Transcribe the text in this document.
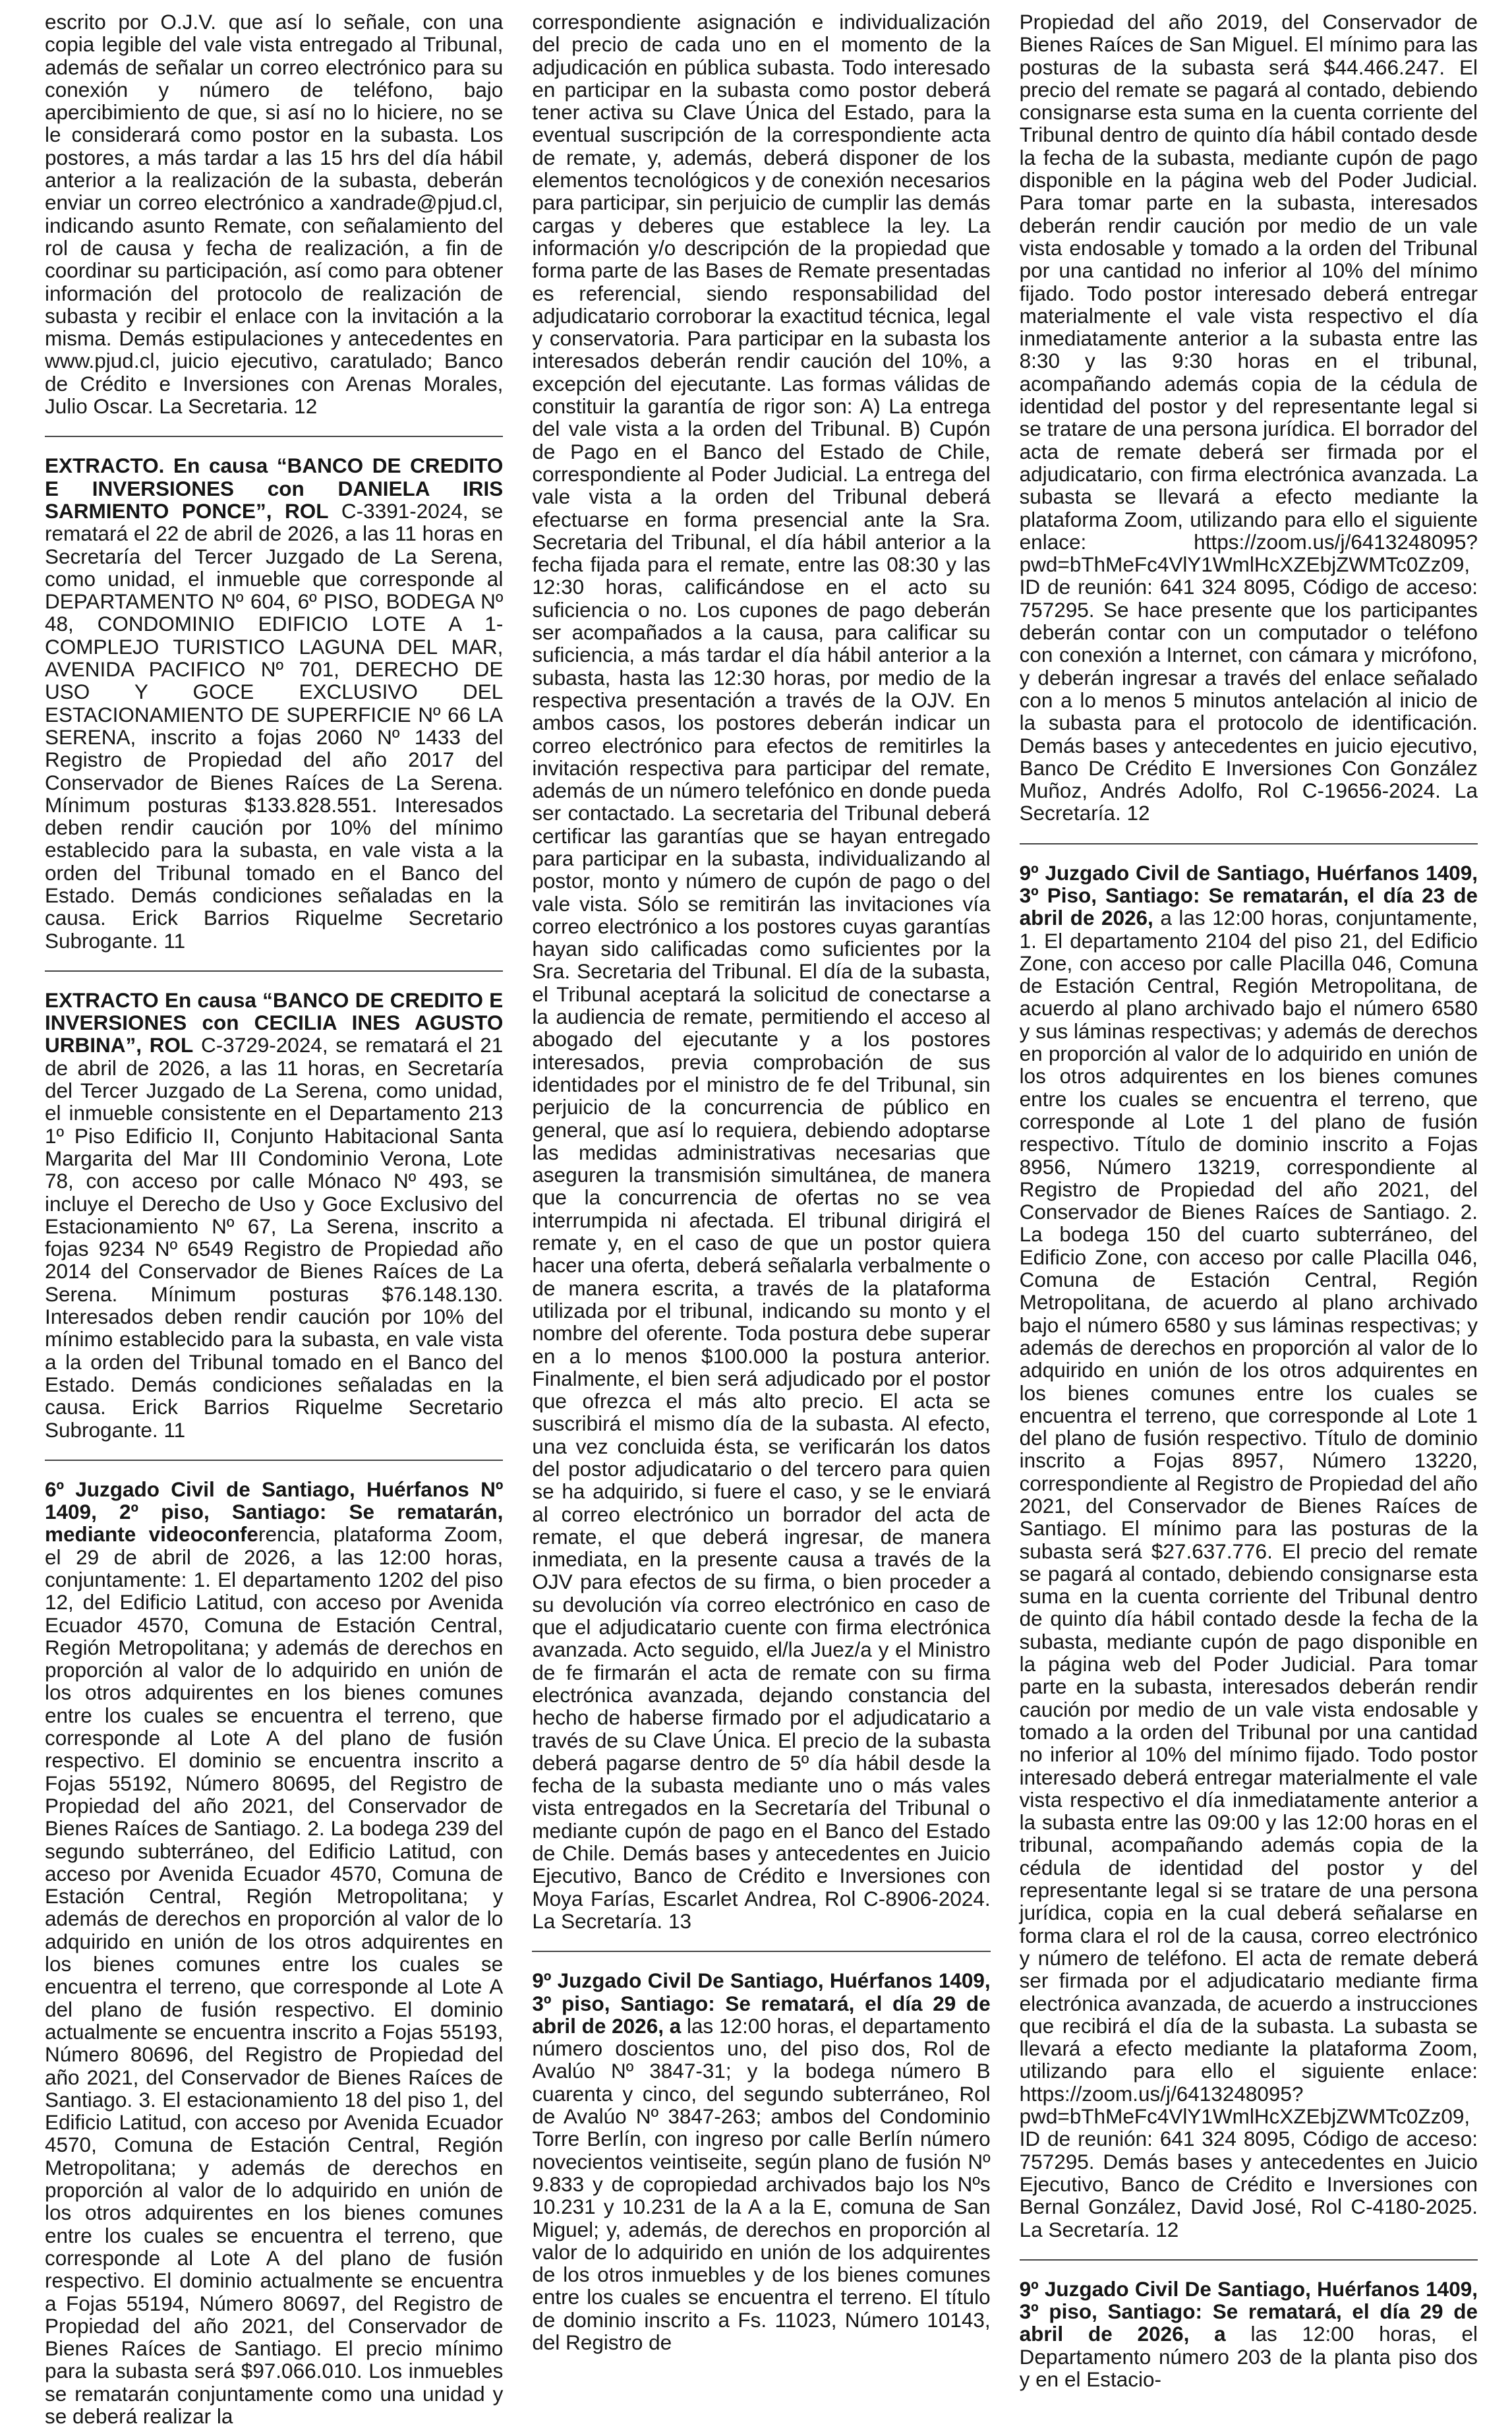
escrito por O.J.V. que así lo señale, con una copia legible del vale vista entregado al Tribunal, además de señalar un correo electrónico para su conexión y número de teléfono, bajo apercibimiento de que, si así no lo hiciere, no se le considerará como postor en la subasta. Los postores, a más tardar a las 15 hrs del día hábil anterior a la realización de la subasta, deberán enviar un correo electrónico a xandrade@pjud.cl, indicando asunto Remate, con señalamiento del rol de causa y fecha de realización, a fin de coordinar su participación, así como para obtener información del protocolo de realización de subasta y recibir el enlace con la invitación a la misma. Demás estipulaciones y antecedentes en www.pjud.cl, juicio ejecutivo, caratulado; Banco de Crédito e Inversiones con Arenas Morales, Julio Oscar. La Secretaria. 12

EXTRACTO. En causa “BANCO DE CREDITO E INVERSIONES con DANIELA IRIS SARMIENTO PONCE”, ROL C-3391-2024, se rematará el 22 de abril de 2026, a las 11 horas en Secretaría del Tercer Juzgado de La Serena, como unidad, el inmueble que corresponde al DEPARTAMENTO Nº 604, 6º PISO, BODEGA Nº 48, CONDOMINIO EDIFICIO LOTE A 1-COMPLEJO TURISTICO LAGUNA DEL MAR, AVENIDA PACIFICO Nº 701, DERECHO DE USO Y GOCE EXCLUSIVO DEL ESTACIONAMIENTO DE SUPERFICIE Nº 66 LA SERENA, inscrito a fojas 2060 Nº 1433 del Registro de Propiedad del año 2017 del Conservador de Bienes Raíces de La Serena. Mínimum posturas $133.828.551. Interesados deben rendir caución por 10% del mínimo establecido para la subasta, en vale vista a la orden del Tribunal tomado en el Banco del Estado. Demás condiciones señaladas en la causa. Erick Barrios Riquelme Secretario Subrogante. 11

EXTRACTO En causa “BANCO DE CREDITO E INVERSIONES con CECILIA INES AGUSTO URBINA”, ROL C-3729-2024, se rematará el 21 de abril de 2026, a las 11 horas, en Secretaría del Tercer Juzgado de La Serena, como unidad, el inmueble consistente en el Departamento 213 1º Piso Edificio II, Conjunto Habitacional Santa Margarita del Mar III Condominio Verona, Lote 78, con acceso por calle Mónaco Nº 493, se incluye el Derecho de Uso y Goce Exclusivo del Estacionamiento Nº 67, La Serena, inscrito a fojas 9234 Nº 6549 Registro de Propiedad año 2014 del Conservador de Bienes Raíces de La Serena. Mínimum posturas $76.148.130. Interesados deben rendir caución por 10% del mínimo establecido para la subasta, en vale vista a la orden del Tribunal tomado en el Banco del Estado. Demás condiciones señaladas en la causa. Erick Barrios Riquelme Secretario Subrogante. 11

6º Juzgado Civil de Santiago, Huérfanos Nº 1409, 2º piso, Santiago: Se rematarán, mediante videoconferencia, plataforma Zoom, el 29 de abril de 2026, a las 12:00 horas, conjuntamente: 1. El departamento 1202 del piso 12, del Edificio Latitud, con acceso por Avenida Ecuador 4570, Comuna de Estación Central, Región Metropolitana; y además de derechos en proporción al valor de lo adquirido en unión de los otros adquirentes en los bienes comunes entre los cuales se encuentra el terreno, que corresponde al Lote A del plano de fusión respectivo. El dominio se encuentra inscrito a Fojas 55192, Número 80695, del Registro de Propiedad del año 2021, del Conservador de Bienes Raíces de Santiago. 2. La bodega 239 del segundo subterráneo, del Edificio Latitud, con acceso por Avenida Ecuador 4570, Comuna de Estación Central, Región Metropolitana; y además de derechos en proporción al valor de lo adquirido en unión de los otros adquirentes en los bienes comunes entre los cuales se encuentra el terreno, que corresponde al Lote A del plano de fusión respectivo. El dominio actualmente se encuentra inscrito a Fojas 55193, Número 80696, del Registro de Propiedad del año 2021, del Conservador de Bienes Raíces de Santiago. 3. El estacionamiento 18 del piso 1, del Edificio Latitud, con acceso por Avenida Ecuador 4570, Comuna de Estación Central, Región Metropolitana; y además de derechos en proporción al valor de lo adquirido en unión de los otros adquirentes en los bienes comunes entre los cuales se encuentra el terreno, que corresponde al Lote A del plano de fusión respectivo. El dominio actualmente se encuentra a Fojas 55194, Número 80697, del Registro de Propiedad del año 2021, del Conservador de Bienes Raíces de Santiago. El precio mínimo para la subasta será $97.066.010. Los inmuebles se rematarán conjuntamente como una unidad y se deberá realizar la

correspondiente asignación e individualización del precio de cada uno en el momento de la adjudicación en pública subasta. Todo interesado en participar en la subasta como postor deberá tener activa su Clave Única del Estado, para la eventual suscripción de la correspondiente acta de remate, y, además, deberá disponer de los elementos tecnológicos y de conexión necesarios para participar, sin perjuicio de cumplir las demás cargas y deberes que establece la ley. La información y/o descripción de la propiedad que forma parte de las Bases de Remate presentadas es referencial, siendo responsabilidad del adjudicatario corroborar la exactitud técnica, legal y conservatoria. Para participar en la subasta los interesados deberán rendir caución del 10%, a excepción del ejecutante. Las formas válidas de constituir la garantía de rigor son: A) La entrega del vale vista a la orden del Tribunal. B) Cupón de Pago en el Banco del Estado de Chile, correspondiente al Poder Judicial. La entrega del vale vista a la orden del Tribunal deberá efectuarse en forma presencial ante la Sra. Secretaria del Tribunal, el día hábil anterior a la fecha fijada para el remate, entre las 08:30 y las 12:30 horas, calificándose en el acto su suficiencia o no. Los cupones de pago deberán ser acompañados a la causa, para calificar su suficiencia, a más tardar el día hábil anterior a la subasta, hasta las 12:30 horas, por medio de la respectiva presentación a través de la OJV. En ambos casos, los postores deberán indicar un correo electrónico para efectos de remitirles la invitación respectiva para participar del remate, además de un número telefónico en donde pueda ser contactado. La secretaria del Tribunal deberá certificar las garantías que se hayan entregado para participar en la subasta, individualizando al postor, monto y número de cupón de pago o del vale vista. Sólo se remitirán las invitaciones vía correo electrónico a los postores cuyas garantías hayan sido calificadas como suficientes por la Sra. Secretaria del Tribunal. El día de la subasta, el Tribunal aceptará la solicitud de conectarse a la audiencia de remate, permitiendo el acceso al abogado del ejecutante y a los postores interesados, previa comprobación de sus identidades por el ministro de fe del Tribunal, sin perjuicio de la concurrencia de público en general, que así lo requiera, debiendo adoptarse las medidas administrativas necesarias que aseguren la transmisión simultánea, de manera que la concurrencia de ofertas no se vea interrumpida ni afectada. El tribunal dirigirá el remate y, en el caso de que un postor quiera hacer una oferta, deberá señalarla verbalmente o de manera escrita, a través de la plataforma utilizada por el tribunal, indicando su monto y el nombre del oferente. Toda postura debe superar en a lo menos $100.000 la postura anterior. Finalmente, el bien será adjudicado por el postor que ofrezca el más alto precio. El acta se suscribirá el mismo día de la subasta. Al efecto, una vez concluida ésta, se verificarán los datos del postor adjudicatario o del tercero para quien se ha adquirido, si fuere el caso, y se le enviará al correo electrónico un borrador del acta de remate, el que deberá ingresar, de manera inmediata, en la presente causa a través de la OJV para efectos de su firma, o bien proceder a su devolución vía correo electrónico en caso de que el adjudicatario cuente con firma electrónica avanzada. Acto seguido, el/la Juez/a y el Ministro de fe firmarán el acta de remate con su firma electrónica avanzada, dejando constancia del hecho de haberse firmado por el adjudicatario a través de su Clave Única. El precio de la subasta deberá pagarse dentro de 5º día hábil desde la fecha de la subasta mediante uno o más vales vista entregados en la Secretaría del Tribunal o mediante cupón de pago en el Banco del Estado de Chile. Demás bases y antecedentes en Juicio Ejecutivo, Banco de Crédito e Inversiones con Moya Farías, Escarlet Andrea, Rol C-8906-2024. La Secretaría. 13

9º Juzgado Civil De Santiago, Huérfanos 1409, 3º piso, Santiago: Se rematará, el día 29 de abril de 2026, a las 12:00 horas, el departamento número doscientos uno, del piso dos, Rol de Avalúo Nº 3847-31; y la bodega número B cuarenta y cinco, del segundo subterráneo, Rol de Avalúo Nº 3847-263; ambos del Condominio Torre Berlín, con ingreso por calle Berlín número novecientos veintiseite, según plano de fusión Nº 9.833 y de copropiedad archivados bajo los Nºs 10.231 y 10.231 de la A a la E, comuna de San Miguel; y, además, de derechos en proporción al valor de lo adquirido en unión de los adquirentes de los otros inmuebles y de los bienes comunes entre los cuales se encuentra el terreno. El título de dominio inscrito a Fs. 11023, Número 10143, del Registro de

Propiedad del año 2019, del Conservador de Bienes Raíces de San Miguel. El mínimo para las posturas de la subasta será $44.466.247. El precio del remate se pagará al contado, debiendo consignarse esta suma en la cuenta corriente del Tribunal dentro de quinto día hábil contado desde la fecha de la subasta, mediante cupón de pago disponible en la página web del Poder Judicial. Para tomar parte en la subasta, interesados deberán rendir caución por medio de un vale vista endosable y tomado a la orden del Tribunal por una cantidad no inferior al 10% del mínimo fijado. Todo postor interesado deberá entregar materialmente el vale vista respectivo el día inmediatamente anterior a la subasta entre las 8:30 y las 9:30 horas en el tribunal, acompañando además copia de la cédula de identidad del postor y del representante legal si se tratare de una persona jurídica. El borrador del acta de remate deberá ser firmada por el adjudicatario, con firma electrónica avanzada. La subasta se llevará a efecto mediante la plataforma Zoom, utilizando para ello el siguiente enlace: https://zoom.us/j/6413248095?pwd=bThMeFc4VlY1WmlHcXZEbjZWMTc0Zz09, ID de reunión: 641 324 8095, Código de acceso: 757295. Se hace presente que los participantes deberán contar con un computador o teléfono con conexión a Internet, con cámara y micrófono, y deberán ingresar a través del enlace señalado con a lo menos 5 minutos antelación al inicio de la subasta para el protocolo de identificación. Demás bases y antecedentes en juicio ejecutivo, Banco De Crédito E Inversiones Con González Muñoz, Andrés Adolfo, Rol C-19656-2024. La Secretaría. 12

9º Juzgado Civil de Santiago, Huérfanos 1409, 3º Piso, Santiago: Se rematarán, el día 23 de abril de 2026, a las 12:00 horas, conjuntamente, 1. El departamento 2104 del piso 21, del Edificio Zone, con acceso por calle Placilla 046, Comuna de Estación Central, Región Metropolitana, de acuerdo al plano archivado bajo el número 6580 y sus láminas respectivas; y además de derechos en proporción al valor de lo adquirido en unión de los otros adquirentes en los bienes comunes entre los cuales se encuentra el terreno, que corresponde al Lote 1 del plano de fusión respectivo. Título de dominio inscrito a Fojas 8956, Número 13219, correspondiente al Registro de Propiedad del año 2021, del Conservador de Bienes Raíces de Santiago. 2. La bodega 150 del cuarto subterráneo, del Edificio Zone, con acceso por calle Placilla 046, Comuna de Estación Central, Región Metropolitana, de acuerdo al plano archivado bajo el número 6580 y sus láminas respectivas; y además de derechos en proporción al valor de lo adquirido en unión de los otros adquirentes en los bienes comunes entre los cuales se encuentra el terreno, que corresponde al Lote 1 del plano de fusión respectivo. Título de dominio inscrito a Fojas 8957, Número 13220, correspondiente al Registro de Propiedad del año 2021, del Conservador de Bienes Raíces de Santiago. El mínimo para las posturas de la subasta será $27.637.776. El precio del remate se pagará al contado, debiendo consignarse esta suma en la cuenta corriente del Tribunal dentro de quinto día hábil contado desde la fecha de la subasta, mediante cupón de pago disponible en la página web del Poder Judicial. Para tomar parte en la subasta, interesados deberán rendir caución por medio de un vale vista endosable y tomado a la orden del Tribunal por una cantidad no inferior al 10% del mínimo fijado. Todo postor interesado deberá entregar materialmente el vale vista respectivo el día inmediatamente anterior a la subasta entre las 09:00 y las 12:00 horas en el tribunal, acompañando además copia de la cédula de identidad del postor y del representante legal si se tratare de una persona jurídica, copia en la cual deberá señalarse en forma clara el rol de la causa, correo electrónico y número de teléfono. El acta de remate deberá ser firmada por el adjudicatario mediante firma electrónica avanzada, de acuerdo a instrucciones que recibirá el día de la subasta. La subasta se llevará a efecto mediante la plataforma Zoom, utilizando para ello el siguiente enlace: https://zoom.us/j/6413248095?pwd=bThMeFc4VlY1WmlHcXZEbjZWMTc0Zz09, ID de reunión: 641 324 8095, Código de acceso: 757295. Demás bases y antecedentes en Juicio Ejecutivo, Banco de Crédito e Inversiones con Bernal González, David José, Rol C-4180-2025. La Secretaría. 12

9º Juzgado Civil De Santiago, Huérfanos 1409, 3º piso, Santiago: Se rematará, el día 29 de abril de 2026, a las 12:00 horas, el Departamento número 203 de la planta piso dos y en el Estacio-
